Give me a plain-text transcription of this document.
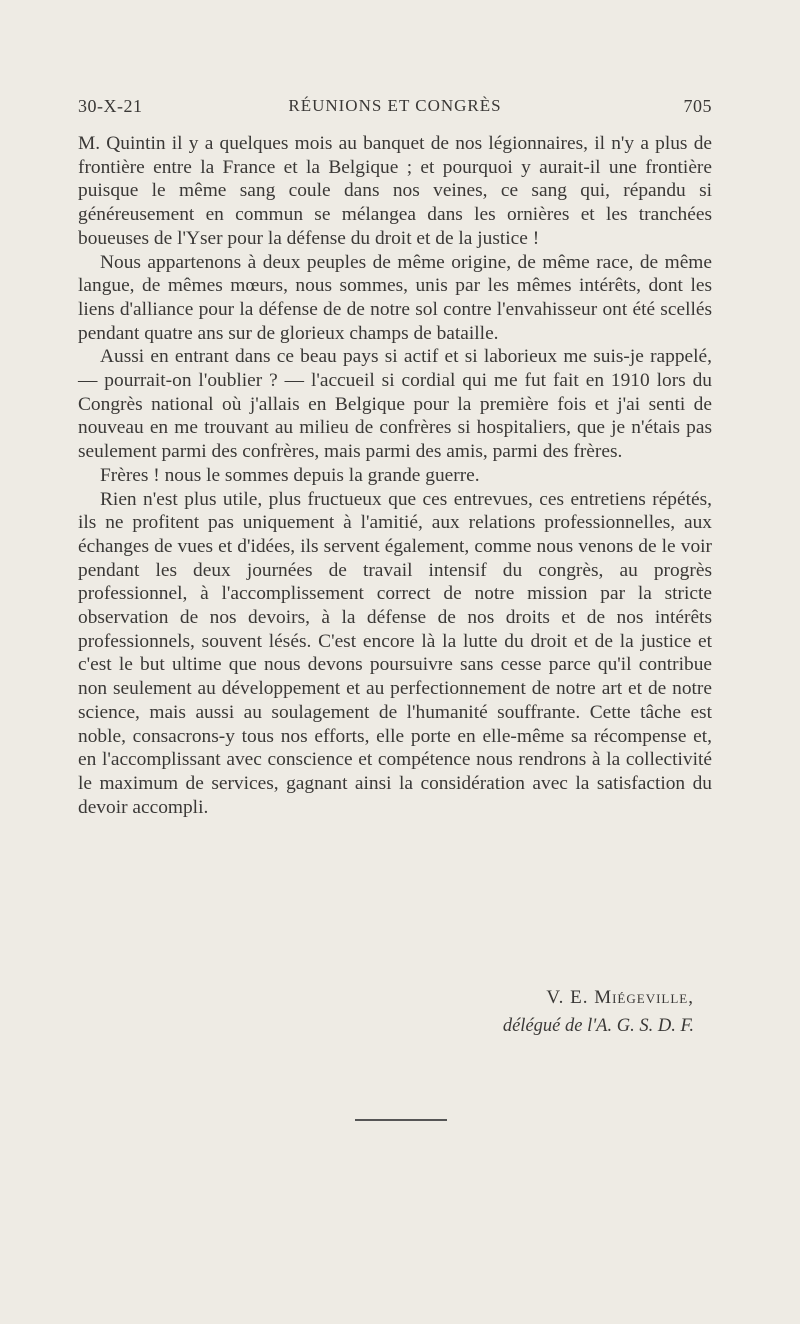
30-X-21	RÉUNIONS ET CONGRÈS	705

M. Quintin il y a quelques mois au banquet de nos légionnaires, il n'y a plus de frontière entre la France et la Belgique ; et pourquoi y aurait-il une frontière puisque le même sang coule dans nos veines, ce sang qui, répandu si généreusement en commun se mélangea dans les ornières et les tranchées boueuses de l'Yser pour la défense du droit et de la justice !

Nous appartenons à deux peuples de même origine, de même race, de même langue, de mêmes mœurs, nous sommes, unis par les mêmes intérêts, dont les liens d'alliance pour la défense de de notre sol contre l'envahisseur ont été scellés pendant quatre ans sur de glorieux champs de bataille.

Aussi en entrant dans ce beau pays si actif et si laborieux me suis-je rappelé, — pourrait-on l'oublier ? — l'accueil si cordial qui me fut fait en 1910 lors du Congrès national où j'allais en Belgique pour la première fois et j'ai senti de nouveau en me trouvant au milieu de confrères si hospitaliers, que je n'étais pas seulement parmi des confrères, mais parmi des amis, parmi des frères.

Frères ! nous le sommes depuis la grande guerre.

Rien n'est plus utile, plus fructueux que ces entrevues, ces entretiens répétés, ils ne profitent pas uniquement à l'amitié, aux relations professionnelles, aux échanges de vues et d'idées, ils servent également, comme nous venons de le voir pendant les deux journées de travail intensif du congrès, au progrès professionnel, à l'accomplissement correct de notre mission par la stricte observation de nos devoirs, à la défense de nos droits et de nos intérêts professionnels, souvent lésés. C'est encore là la lutte du droit et de la justice et c'est le but ultime que nous devons poursuivre sans cesse parce qu'il contribue non seulement au développement et au perfectionnement de notre art et de notre science, mais aussi au soulagement de l'humanité souffrante. Cette tâche est noble, consacrons-y tous nos efforts, elle porte en elle-même sa récompense et, en l'accomplissant avec conscience et compétence nous rendrons à la collectivité le maximum de services, gagnant ainsi la considération avec la satisfaction du devoir accompli.

V. E. Miégeville,
délégué de l'A. G. S. D. F.
